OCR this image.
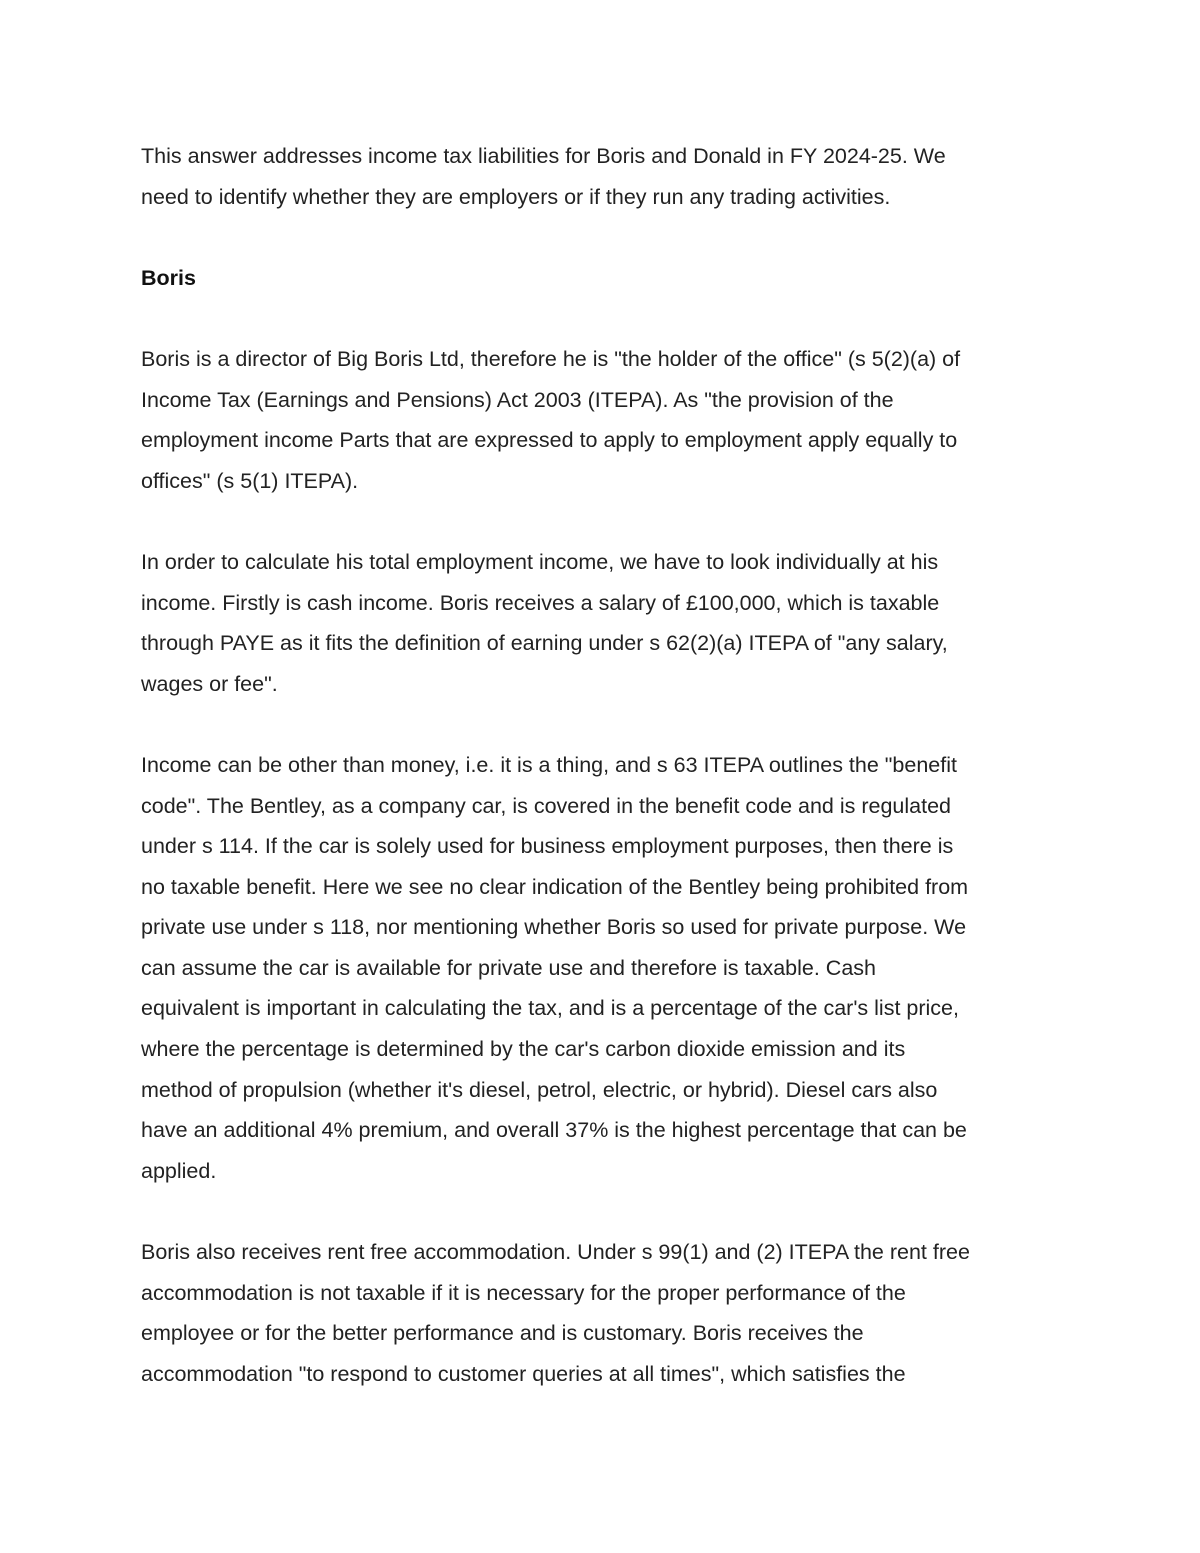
This answer addresses income tax liabilities for Boris and Donald in FY 2024-25. We
need to identify whether they are employers or if they run any trading activities.

Boris

Boris is a director of Big Boris Ltd, therefore he is "the holder of the office" (s 5(2)(a) of
Income Tax (Earnings and Pensions) Act 2003 (ITEPA). As "the provision of the
employment income Parts that are expressed to apply to employment apply equally to
offices" (s 5(1) ITEPA).

In order to calculate his total employment income, we have to look individually at his
income. Firstly is cash income. Boris receives a salary of £100,000, which is taxable
through PAYE as it fits the definition of earning under s 62(2)(a) ITEPA of "any salary,
wages or fee".

Income can be other than money, i.e. it is a thing, and s 63 ITEPA outlines the "benefit
code". The Bentley, as a company car, is covered in the benefit code and is regulated
under s 114. If the car is solely used for business employment purposes, then there is
no taxable benefit. Here we see no clear indication of the Bentley being prohibited from
private use under s 118, nor mentioning whether Boris so used for private purpose. We
can assume the car is available for private use and therefore is taxable. Cash
equivalent is important in calculating the tax, and is a percentage of the car's list price,
where the percentage is determined by the car's carbon dioxide emission and its
method of propulsion (whether it's diesel, petrol, electric, or hybrid). Diesel cars also
have an additional 4% premium, and overall 37% is the highest percentage that can be
applied.

Boris also receives rent free accommodation. Under s 99(1) and (2) ITEPA the rent free
accommodation is not taxable if it is necessary for the proper performance of the
employee or for the better performance and is customary. Boris receives the
accommodation "to respond to customer queries at all times", which satisfies the
